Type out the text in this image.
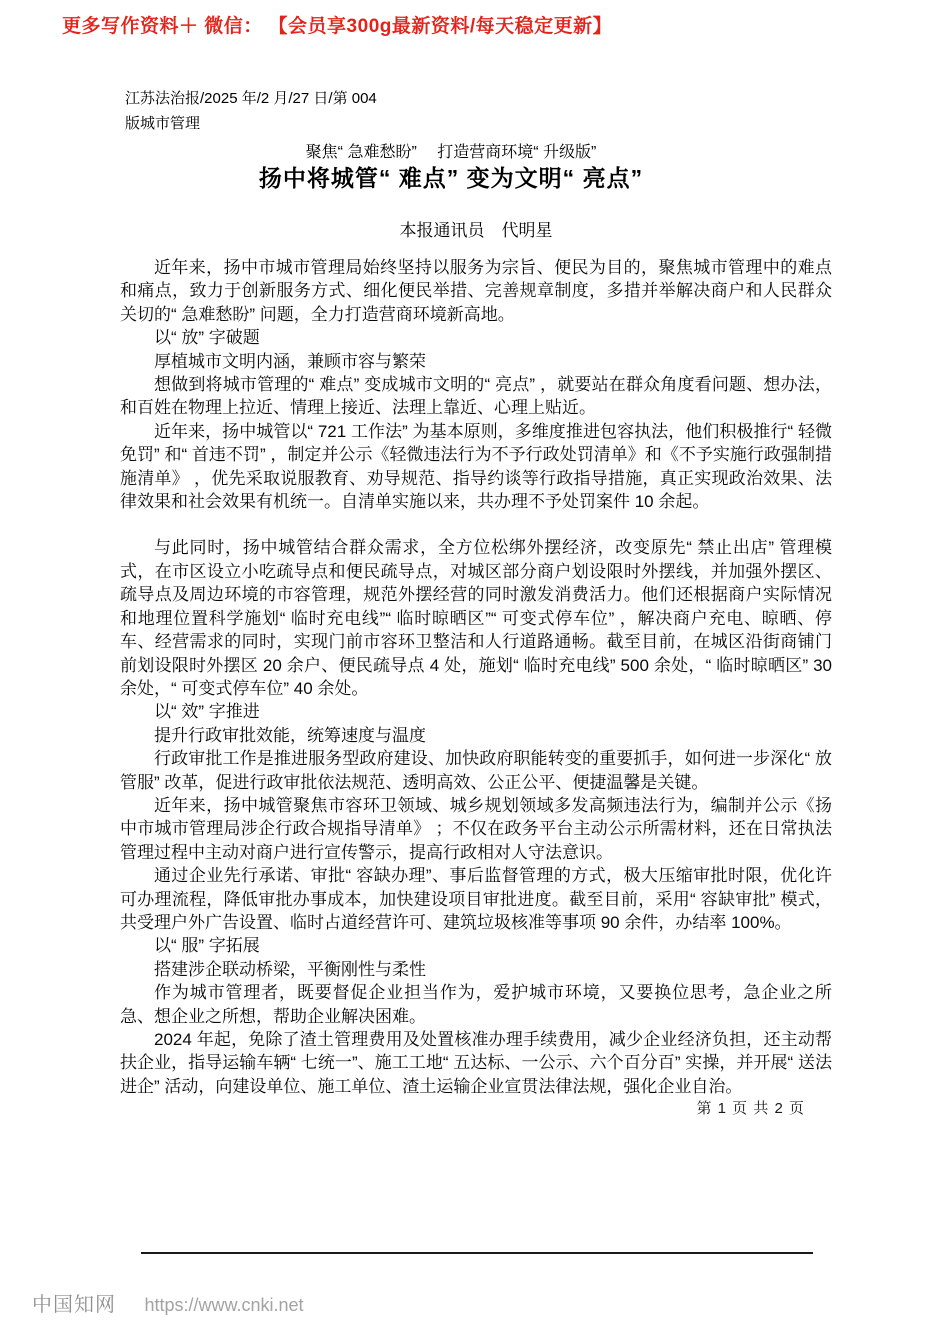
更多写作资料＋ 微信： 【会员享300g最新资料/每天稳定更新】
江苏法治报/2025 年/2 月/27 日/第 004
版城市管理
聚焦“ 急难愁盼”　 打造营商环境“ 升级版”
扬中将城管“ 难点” 变为文明“ 亮点”
本报通讯员　代明星

近年来，扬中市城市管理局始终坚持以服务为宗旨、便民为目的，聚焦城市管理中的难点和痛点，致力于创新服务方式、细化便民举措、完善规章制度，多措并举解决商户和人民群众关切的“ 急难愁盼” 问题，全力打造营商环境新高地。

以“ 放” 字破题

厚植城市文明内涵，兼顾市容与繁荣

想做到将城市管理的“ 难点” 变成城市文明的“ 亮点” ，就要站在群众角度看问题、想办法，和百姓在物理上拉近、情理上接近、法理上靠近、心理上贴近。

近年来，扬中城管以“ 721 工作法” 为基本原则，多维度推进包容执法，他们积极推行“ 轻微免罚” 和“ 首违不罚” ，制定并公示《轻微违法行为不予行政处罚清单》和《不予实施行政强制措施清单》 ，优先采取说服教育、劝导规范、指导约谈等行政指导措施，真正实现政治效果、法律效果和社会效果有机统一。自清单实施以来，共办理不予处罚案件 10 余起。

与此同时，扬中城管结合群众需求，全方位松绑外摆经济，改变原先“ 禁止出店” 管理模式，在市区设立小吃疏导点和便民疏导点，对城区部分商户划设限时外摆线，并加强外摆区、疏导点及周边环境的市容管理，规范外摆经营的同时激发消费活力。他们还根据商户实际情况和地理位置科学施划“ 临时充电线”“ 临时晾晒区”“ 可变式停车位” ，解决商户充电、晾晒、停车、经营需求的同时，实现门前市容环卫整洁和人行道路通畅。截至目前，在城区沿街商铺门前划设限时外摆区 20 余户、便民疏导点 4 处，施划“ 临时充电线” 500 余处，“ 临时晾晒区” 30 余处，“ 可变式停车位” 40 余处。

以“ 效” 字推进

提升行政审批效能，统筹速度与温度

行政审批工作是推进服务型政府建设、加快政府职能转变的重要抓手，如何进一步深化“ 放管服” 改革，促进行政审批依法规范、透明高效、公正公平、便捷温馨是关键。

近年来，扬中城管聚焦市容环卫领域、城乡规划领域多发高频违法行为，编制并公示《扬中市城市管理局涉企行政合规指导清单》 ；不仅在政务平台主动公示所需材料，还在日常执法管理过程中主动对商户进行宣传警示，提高行政相对人守法意识。

通过企业先行承诺、审批“ 容缺办理”、事后监督管理的方式，极大压缩审批时限，优化许可办理流程，降低审批办事成本，加快建设项目审批进度。截至目前，采用“ 容缺审批” 模式，共受理户外广告设置、临时占道经营许可、建筑垃圾核准等事项 90 余件，办结率 100%。

以“ 服” 字拓展

搭建涉企联动桥梁，平衡刚性与柔性

作为城市管理者，既要督促企业担当作为，爱护城市环境，又要换位思考，急企业之所急、想企业之所想，帮助企业解决困难。

2024 年起，免除了渣土管理费用及处置核准办理手续费用，减少企业经济负担，还主动帮扶企业，指导运输车辆“ 七统一”、施工工地“ 五达标、一公示、六个百分百” 实操，并开展“ 送法进企” 活动，向建设单位、施工单位、渣土运输企业宣贯法律法规，强化企业自治。

第 1 页 共 2 页
中国知网 https://www.cnki.net
